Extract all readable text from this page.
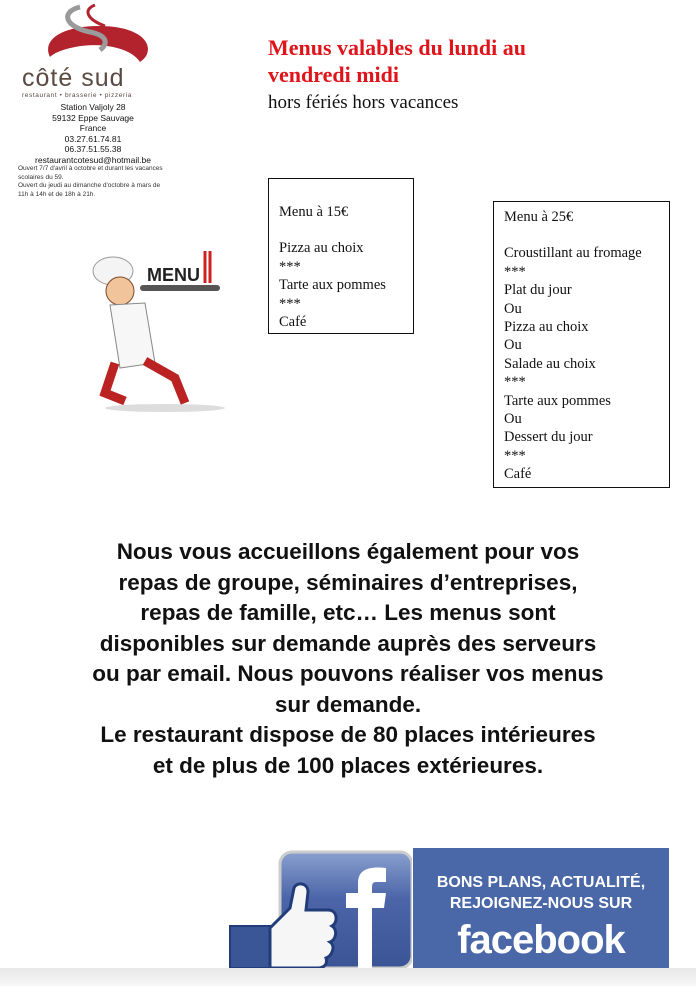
côté sud
restaurant • brasserie • pizzeria
Station Valjoly 28
59132 Eppe Sauvage
France
03.27.61.74.81
06.37.51.55.38
restaurantcotesud@hotmail.be
Ouvert 7/7 d'avril à octobre et durant les vacances scolaires du 59.
Ouvert du jeudi au dimanche d'octobre à mars de 11h à 14h et de 18h à 21h.
Menus valables du lundi au
vendredi midi
hors fériés hors vacances
MENU
Menu à 15€
Pizza au choix
***
Tarte aux pommes
***
Café
Menu à 25€
Croustillant au fromage
***
Plat du jour
Ou
Pizza au choix
Ou
Salade au choix
***
Tarte aux pommes
Ou
Dessert du jour
***
Café
Nous vous accueillons également pour vos
repas de groupe, séminaires d’entreprises,
repas de famille, etc… Les menus sont
disponibles sur demande auprès des serveurs
ou par email. Nous pouvons réaliser vos menus
sur demande.
Le restaurant dispose de 80 places intérieures
et de plus de 100 places extérieures.
BONS PLANS, ACTUALITÉ,
REJOIGNEZ-NOUS SUR
facebook
